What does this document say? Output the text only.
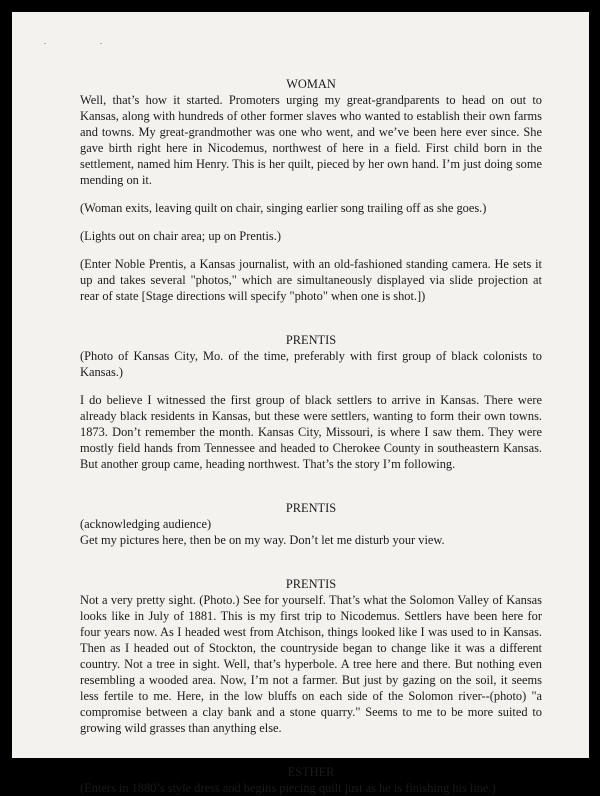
. .
WOMAN

Well, that’s how it started. Promoters urging my great-grandparents to head on out to Kansas, along with hundreds of other former slaves who wanted to establish their own farms and towns. My great-grandmother was one who went, and we’ve been here ever since. She gave birth right here in Nicodemus, northwest of here in a field. First child born in the settlement, named him Henry. This is her quilt, pieced by her own hand. I’m just doing some mending on it.

(Woman exits, leaving quilt on chair, singing earlier song trailing off as she goes.)

(Lights out on chair area; up on Prentis.)

(Enter Noble Prentis, a Kansas journalist, with an old-fashioned standing camera. He sets it up and takes several "photos," which are simultaneously displayed via slide projection at rear of state [Stage directions will specify "photo" when one is shot.])

PRENTIS

(Photo of Kansas City, Mo. of the time, preferably with first group of black colonists to Kansas.)

I do believe I witnessed the first group of black settlers to arrive in Kansas. There were already black residents in Kansas, but these were settlers, wanting to form their own towns. 1873. Don’t remember the month. Kansas City, Missouri, is where I saw them. They were mostly field hands from Tennessee and headed to Cherokee County in southeastern Kansas. But another group came, heading northwest. That’s the story I’m following.

PRENTIS

(acknowledging audience)

Get my pictures here, then be on my way. Don’t let me disturb your view.

PRENTIS

Not a very pretty sight. (Photo.) See for yourself. That’s what the Solomon Valley of Kansas looks like in July of 1881. This is my first trip to Nicodemus. Settlers have been here for four years now. As I headed west from Atchison, things looked like I was used to in Kansas. Then as I headed out of Stockton, the countryside began to change like it was a different country. Not a tree in sight. Well, that’s hyperbole. A tree here and there. But nothing even resembling a wooded area. Now, I’m not a farmer. But just by gazing on the soil, it seems less fertile to me. Here, in the low bluffs on each side of the Solomon river--(photo) "a compromise between a clay bank and a stone quarry." Seems to me to be more suited to growing wild grasses than anything else.

ESTHER

(Enters in 1880’s style dress and begins piecing quilt just as he is finishing his line.)
